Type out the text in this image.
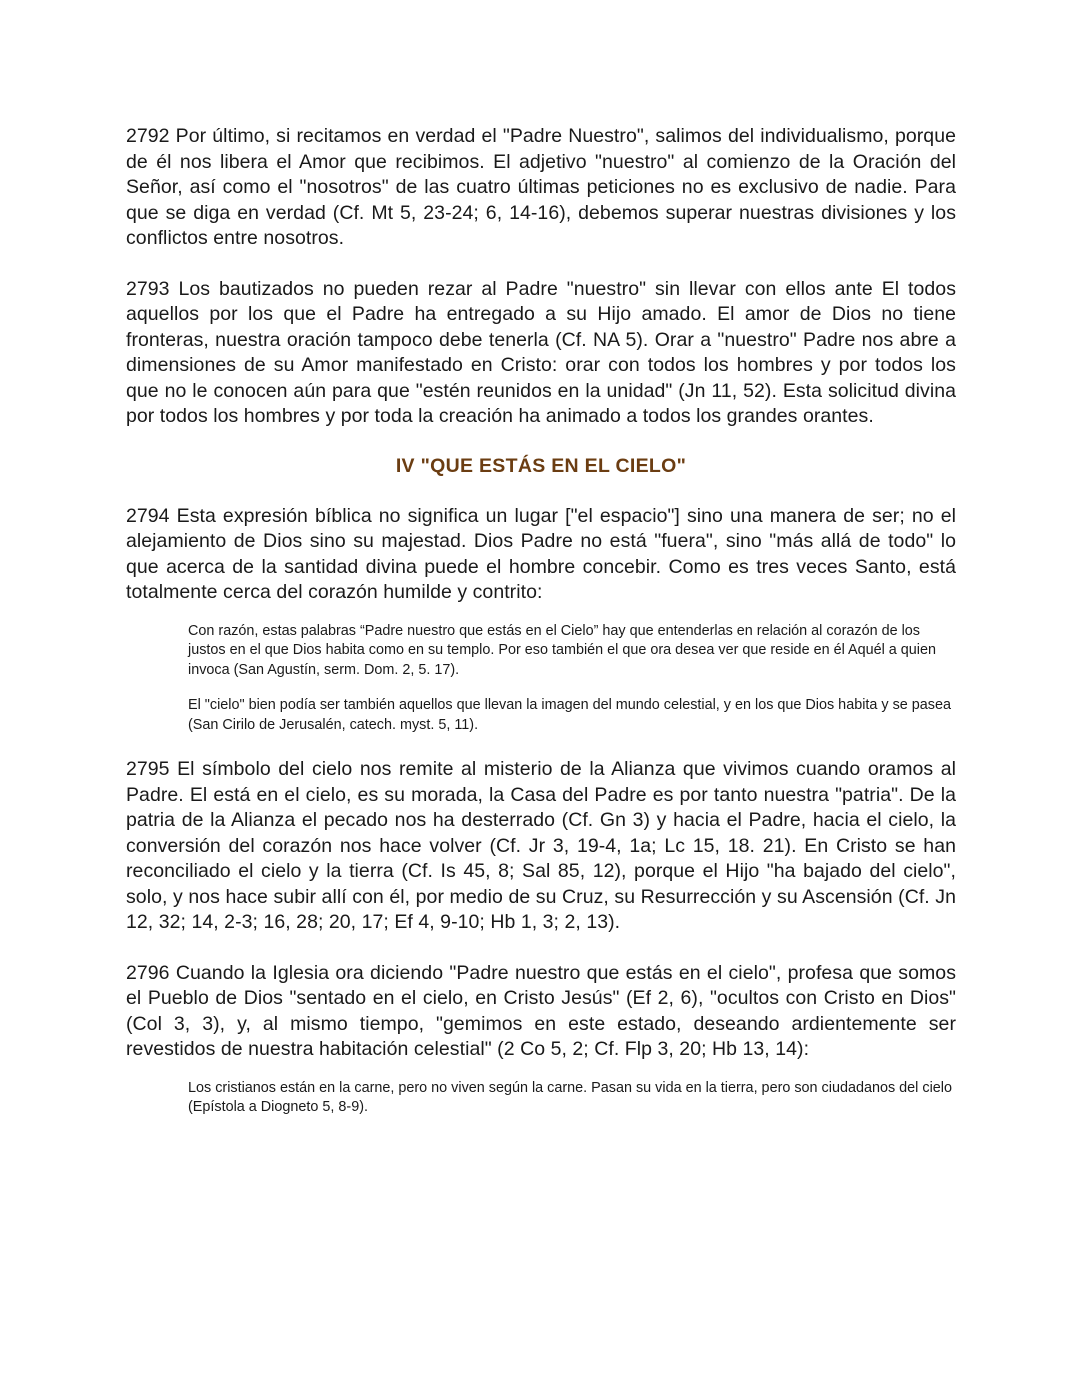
2792 Por último, si recitamos en verdad el "Padre Nuestro", salimos del individualismo, porque de él nos libera el Amor que recibimos. El adjetivo "nuestro" al comienzo de la Oración del Señor, así como el "nosotros" de las cuatro últimas peticiones no es exclusivo de nadie. Para que se diga en verdad (Cf. Mt 5, 23-24; 6, 14-16), debemos superar nuestras divisiones y los conflictos entre nosotros.

2793 Los bautizados no pueden rezar al Padre "nuestro" sin llevar con ellos ante El todos aquellos por los que el Padre ha entregado a su Hijo amado. El amor de Dios no tiene fronteras, nuestra oración tampoco debe tenerla (Cf. NA 5). Orar a "nuestro" Padre nos abre a dimensiones de su Amor manifestado en Cristo: orar con todos los hombres y por todos los que no le conocen aún para que "estén reunidos en la unidad" (Jn 11, 52). Esta solicitud divina por todos los hombres y por toda la creación ha animado a todos los grandes orantes.

IV "QUE ESTÁS EN EL CIELO"

2794 Esta expresión bíblica no significa un lugar ["el espacio"] sino una manera de ser; no el alejamiento de Dios sino su majestad. Dios Padre no está "fuera", sino "más allá de todo" lo que acerca de la santidad divina puede el hombre concebir. Como es tres veces Santo, está totalmente cerca del corazón humilde y contrito:

Con razón, estas palabras “Padre nuestro que estás en el Cielo” hay que entenderlas en relación al corazón de los justos en el que Dios habita como en su templo. Por eso también el que ora desea ver que reside en él Aquél a quien invoca (San Agustín, serm. Dom. 2, 5. 17).

El "cielo" bien podía ser también aquellos que llevan la imagen del mundo celestial, y en los que Dios habita y se pasea (San Cirilo de Jerusalén, catech. myst. 5, 11).

2795 El símbolo del cielo nos remite al misterio de la Alianza que vivimos cuando oramos al Padre. El está en el cielo, es su morada, la Casa del Padre es por tanto nuestra "patria". De la patria de la Alianza el pecado nos ha desterrado (Cf. Gn 3) y hacia el Padre, hacia el cielo, la conversión del corazón nos hace volver (Cf. Jr 3, 19-4, 1a; Lc 15, 18. 21). En Cristo se han reconciliado el cielo y la tierra (Cf. Is 45, 8; Sal 85, 12), porque el Hijo "ha bajado del cielo", solo, y nos hace subir allí con él, por medio de su Cruz, su Resurrección y su Ascensión (Cf. Jn 12, 32; 14, 2-3; 16, 28; 20, 17; Ef 4, 9-10; Hb 1, 3; 2, 13).

2796 Cuando la Iglesia ora diciendo "Padre nuestro que estás en el cielo", profesa que somos el Pueblo de Dios "sentado en el cielo, en Cristo Jesús" (Ef 2, 6), "ocultos con Cristo en Dios" (Col 3, 3), y, al mismo tiempo, "gemimos en este estado, deseando ardientemente ser revestidos de nuestra habitación celestial" (2 Co 5, 2; Cf. Flp 3, 20; Hb 13, 14):

Los cristianos están en la carne, pero no viven según la carne. Pasan su vida en la tierra, pero son ciudadanos del cielo (Epístola a Diogneto 5, 8-9).
